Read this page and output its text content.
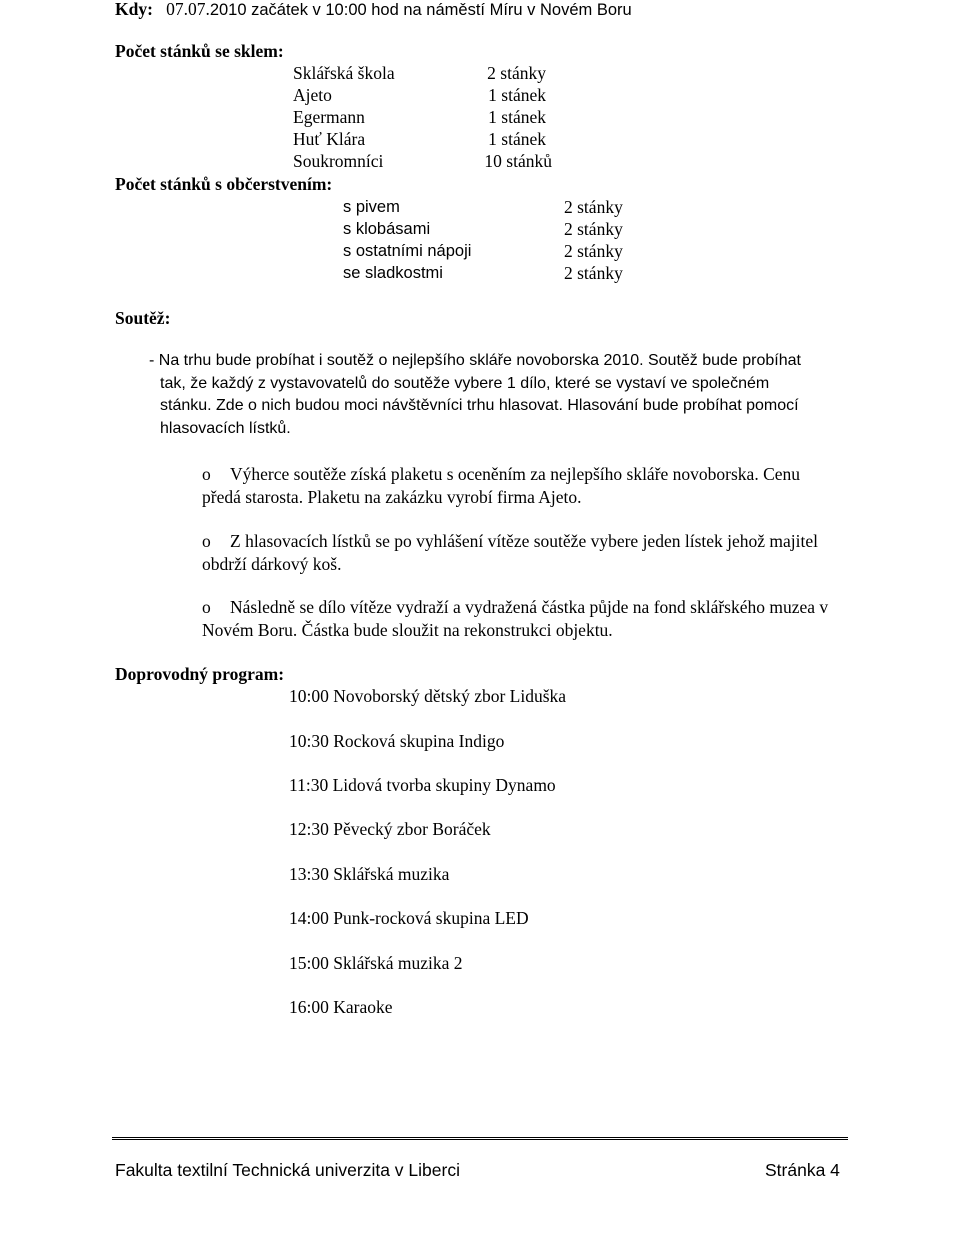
Kdy: 07.07.2010 začátek v 10:00 hod na náměstí Míru v Novém Boru
Počet stánků se sklem:
Sklářská škola	2 stánky
Ajeto	1 stánek
Egermann	1 stánek
Huť Klára	1 stánek
Soukromníci	10 stánků
Počet stánků s občerstvením:
s pivem	2 stánky
s klobásami	2 stánky
s ostatními nápoji	2 stánky
se sladkostmi	2 stánky
Soutěž:
- Na trhu bude probíhat i soutěž o nejlepšího skláře novoborska 2010. Soutěž bude probíhat tak, že každý z vystavovatelů do soutěže vybere 1 dílo, které se vystaví ve společném stánku. Zde o nich budou moci návštěvníci trhu hlasovat. Hlasování bude probíhat pomocí hlasovacích lístků.
o	Výherce soutěže získá plaketu s oceněním za nejlepšího skláře novoborska. Cenu předá starosta. Plaketu na zakázku vyrobí firma Ajeto.
o	Z hlasovacích lístků se po vyhlášení vítěze soutěže vybere jeden lístek jehož majitel obdrží dárkový koš.
o	Následně se dílo vítěze vydraží a vydražená částka půjde na fond sklářského muzea v Novém Boru. Částka bude sloužit na rekonstrukci objektu.
Doprovodný program:
10:00 Novoborský dětský zbor Liduška
10:30 Rocková skupina Indigo
11:30 Lidová tvorba skupiny Dynamo
12:30 Pěvecký zbor Boráček
13:30 Sklářská muzika
14:00 Punk-rocková skupina LED
15:00 Sklářská muzika 2
16:00 Karaoke
Fakulta textilní Technická univerzita v Liberci	Stránka 4
